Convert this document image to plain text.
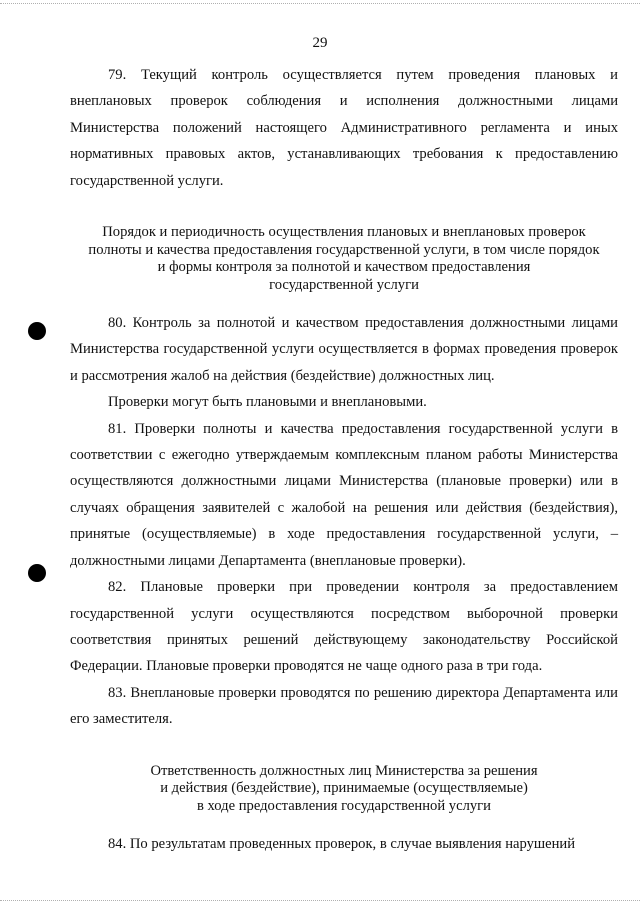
29

79. Текущий контроль осуществляется путем проведения плановых и внеплановых проверок соблюдения и исполнения должностными лицами Министерства положений настоящего Административного регламента и иных нормативных правовых актов, устанавливающих требования к предоставлению государственной услуги.

Порядок и периодичность осуществления плановых и внеплановых проверок
полноты и качества предоставления государственной услуги, в том числе порядок
и формы контроля за полнотой и качеством предоставления
государственной услуги

80. Контроль за полнотой и качеством предоставления должностными лицами Министерства государственной услуги осуществляется в формах проведения проверок и рассмотрения жалоб на действия (бездействие) должностных лиц.

Проверки могут быть плановыми и внеплановыми.

81. Проверки полноты и качества предоставления государственной услуги в соответствии с ежегодно утверждаемым комплексным планом работы Министерства осуществляются должностными лицами Министерства (плановые проверки) или в случаях обращения заявителей с жалобой на решения или действия (бездействия), принятые (осуществляемые) в ходе предоставления государственной услуги, – должностными лицами Департамента (внеплановые проверки).

82. Плановые проверки при проведении контроля за предоставлением государственной услуги осуществляются посредством выборочной проверки соответствия принятых решений действующему законодательству Российской Федерации. Плановые проверки проводятся не чаще одного раза в три года.

83. Внеплановые проверки проводятся по решению директора Департамента или его заместителя.

Ответственность должностных лиц Министерства за решения
и действия (бездействие), принимаемые (осуществляемые)
в ходе предоставления государственной услуги

84. По результатам проведенных проверок, в случае выявления нарушений
